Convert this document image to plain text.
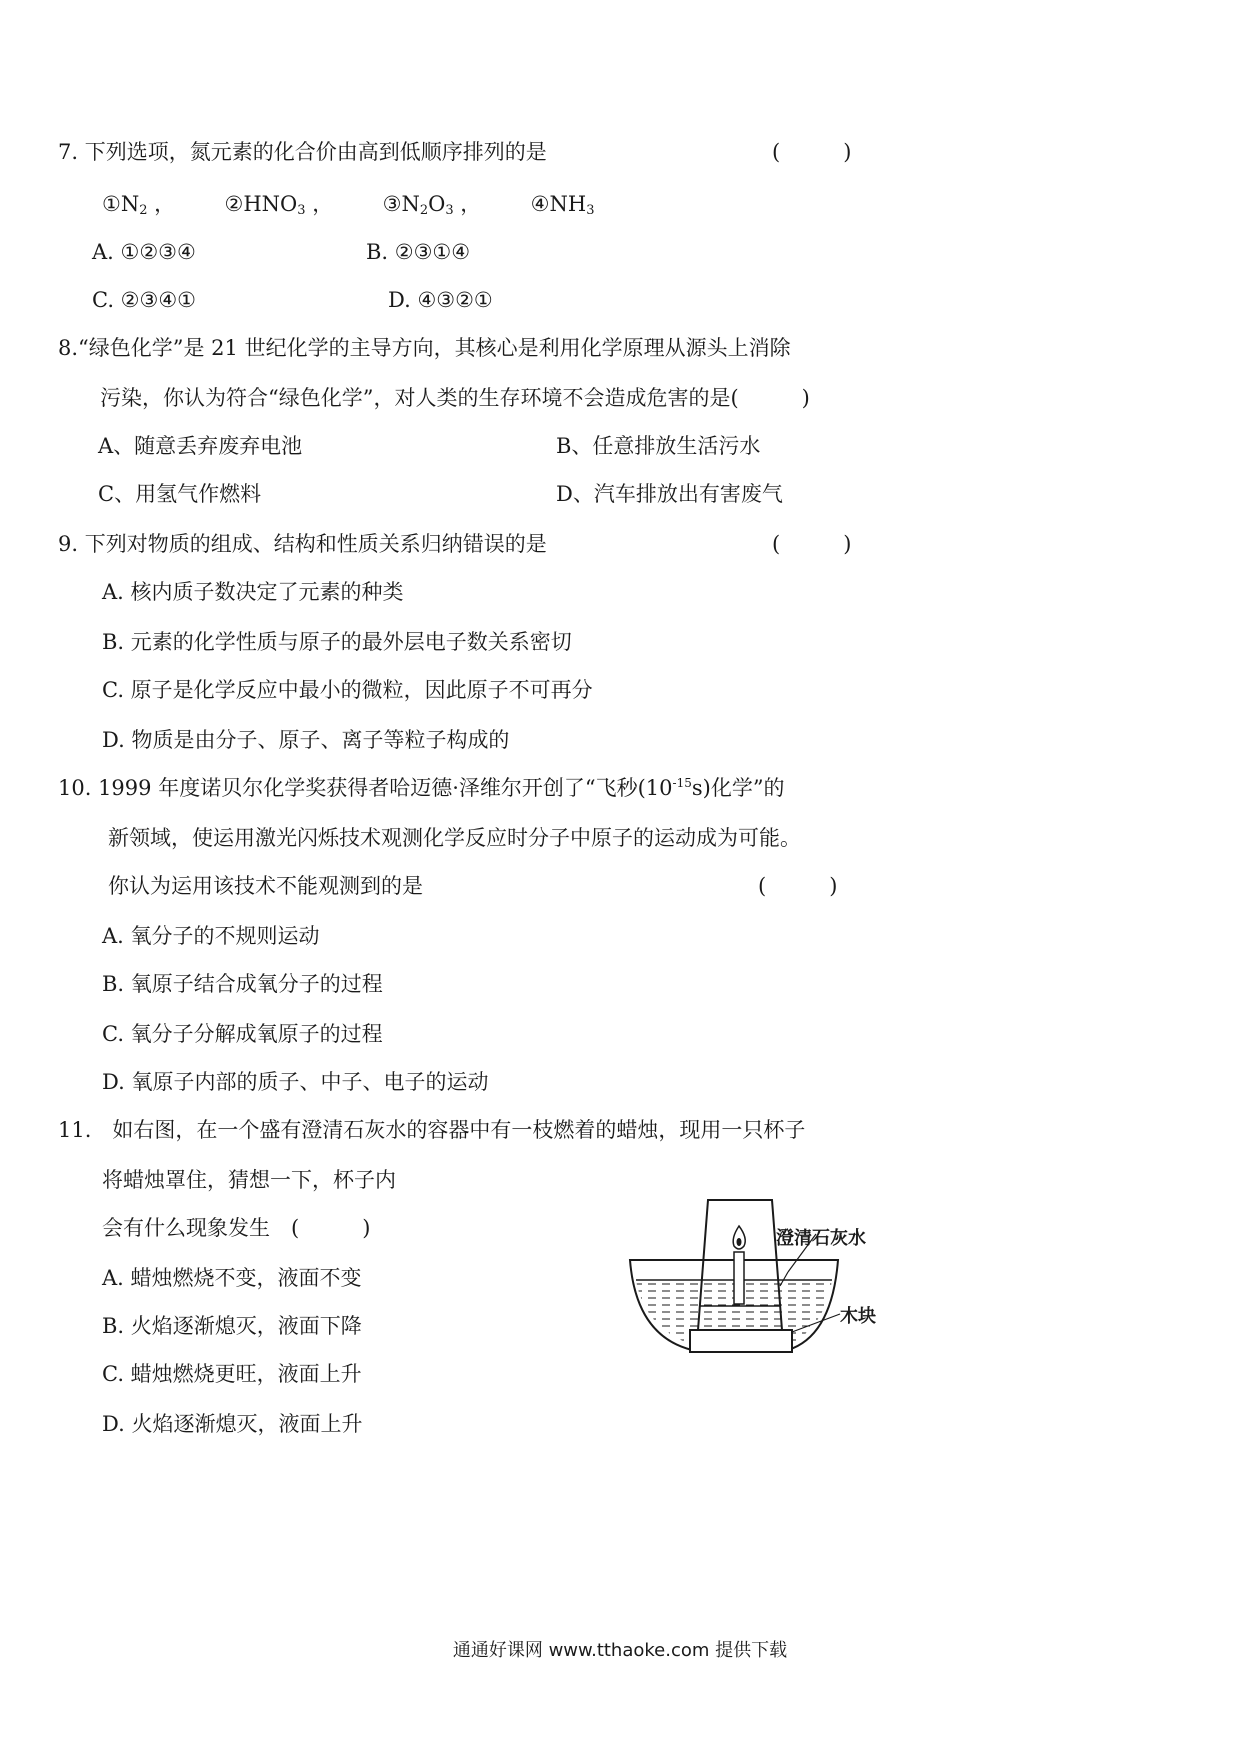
7. 下列选项，氮元素的化合价由高到低顺序排列的是	(　　　)
$①N_2$ ， $②HNO_3$ ， $③N_2O_3$ ， $④NH_3$
A. ①②③④	B. ②③①④
C. ②③④①	D. ④③②①
8.“绿色化学”是 21 世纪化学的主导方向，其核心是利用化学原理从源头上消除
污染，你认为符合“绿色化学”，对人类的生存环境不会造成危害的是(　　　)
A、随意丢弃废弃电池	B、任意排放生活污水
C、用氢气作燃料	D、汽车排放出有害废气
9. 下列对物质的组成、结构和性质关系归纳错误的是	(　　　)
A. 核内质子数决定了元素的种类
B. 元素的化学性质与原子的最外层电子数关系密切
C. 原子是化学反应中最小的微粒，因此原子不可再分
D. 物质是由分子、原子、离子等粒子构成的
10. 1999 年度诺贝尔化学奖获得者哈迈德·泽维尔开创了“飞秒$(10^{-15}s)$化学”的
新领域，使运用激光闪烁技术观测化学反应时分子中原子的运动成为可能。
你认为运用该技术不能观测到的是	(　　　)
A. 氧分子的不规则运动
B. 氧原子结合成氧分子的过程
C. 氧分子分解成氧原子的过程
D. 氧原子内部的质子、中子、电子的运动
11.　如右图，在一个盛有澄清石灰水的容器中有一枝燃着的蜡烛，现用一只杯子
将蜡烛罩住，猜想一下，杯子内
会有什么现象发生　(　　　)
A. 蜡烛燃烧不变，液面不变
B. 火焰逐渐熄灭，液面下降
C. 蜡烛燃烧更旺，液面上升
D. 火焰逐渐熄灭，液面上升
澄清石灰水
木块
通通好课网 www.tthaoke.com 提供下载
